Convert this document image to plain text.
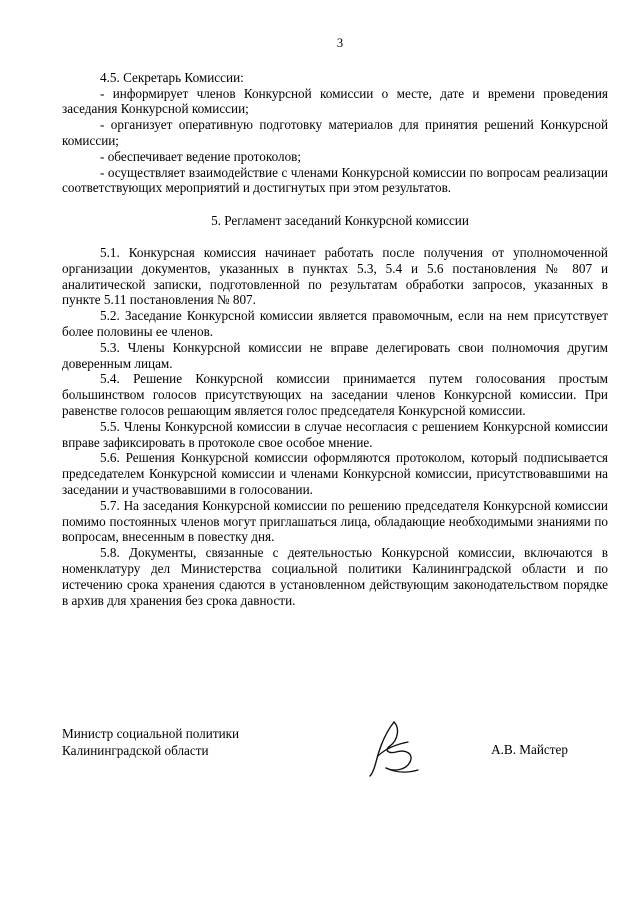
3

4.5. Секретарь Комиссии:

- информирует членов Конкурсной комиссии о месте, дате и времени проведения заседания Конкурсной комиссии;

- организует оперативную подготовку материалов для принятия решений Конкурсной комиссии;

- обеспечивает ведение протоколов;

- осуществляет взаимодействие с членами Конкурсной комиссии по вопросам реализации соответствующих мероприятий и достигнутых при этом результатов.

5. Регламент заседаний Конкурсной комиссии

5.1. Конкурсная комиссия начинает работать после получения от уполномоченной организации документов, указанных в пунктах 5.3, 5.4 и 5.6 постановления № 807 и аналитической записки, подготовленной по результатам обработки запросов, указанных в пункте 5.11 постановления № 807.

5.2. Заседание Конкурсной комиссии является правомочным, если на нем присутствует более половины ее членов.

5.3. Члены Конкурсной комиссии не вправе делегировать свои полномочия другим доверенным лицам.

5.4. Решение Конкурсной комиссии принимается путем голосования простым большинством голосов присутствующих на заседании членов Конкурсной комиссии. При равенстве голосов решающим является голос председателя Конкурсной комиссии.

5.5. Члены Конкурсной комиссии в случае несогласия с решением Конкурсной комиссии вправе зафиксировать в протоколе свое особое мнение.

5.6. Решения Конкурсной комиссии оформляются протоколом, который подписывается председателем Конкурсной комиссии и членами Конкурсной комиссии, присутствовавшими на заседании и участвовавшими в голосовании.

5.7. На заседания Конкурсной комиссии по решению председателя Конкурсной комиссии помимо постоянных членов могут приглашаться лица, обладающие необходимыми знаниями по вопросам, внесенным в повестку дня.

5.8. Документы, связанные с деятельностью Конкурсной комиссии, включаются в номенклатуру дел Министерства социальной политики Калининградской области и по истечению срока хранения сдаются в установленном действующим законодательством порядке в архив для хранения без срока давности.

Министр социальной политики
Калининградской области	А.В. Майстер
